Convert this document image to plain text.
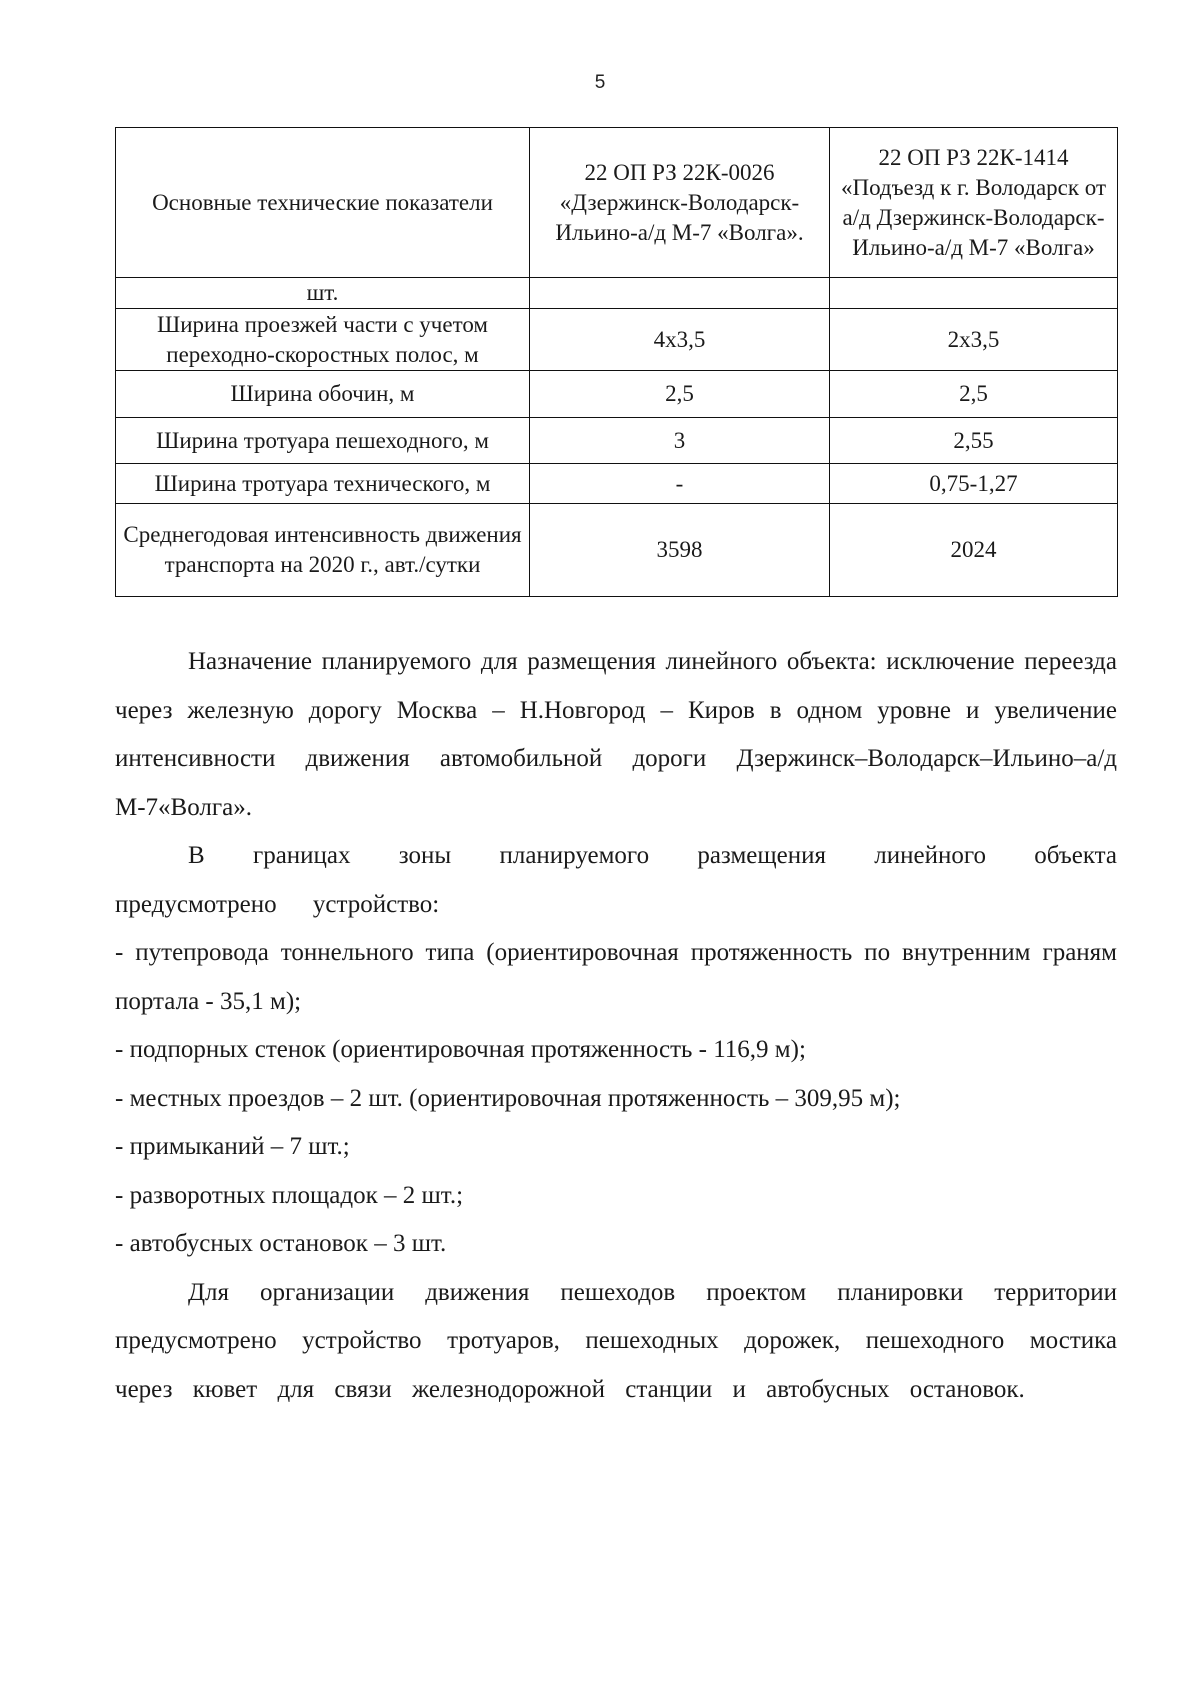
5
Основные технические показатели	22 ОП РЗ 22К-0026 «Дзержинск-Володарск-Ильино-а/д М-7 «Волга».	22 ОП РЗ 22К-1414 «Подъезд к г. Володарск от а/д Дзержинск-Володарск-Ильино-а/д М-7 «Волга»
шт.		
Ширина проезжей части с учетом переходно-скоростных полос, м	4х3,5	2х3,5
Ширина обочин, м	2,5	2,5
Ширина тротуара пешеходного, м	3	2,55
Ширина тротуара технического, м	-	0,75-1,27
Среднегодовая интенсивность движения транспорта на 2020 г., авт./сутки	3598	2024

Назначение планируемого для размещения линейного объекта: исключение переезда через железную дорогу Москва – Н.Новгород – Киров в одном уровне и увеличение интенсивности движения автомобильной дороги Дзержинск–Володарск–Ильино–а/д М-7«Волга».

В границах зоны планируемого размещения линейного объекта предусмотрено устройство:

- путепровода тоннельного типа (ориентировочная протяженность по внутренним граням портала - 35,1 м);

- подпорных стенок (ориентировочная протяженность - 116,9 м);

- местных проездов – 2 шт. (ориентировочная протяженность – 309,95 м);

- примыканий – 7 шт.;

- разворотных площадок – 2 шт.;

- автобусных остановок – 3 шт.

Для организации движения пешеходов проектом планировки территории предусмотрено устройство тротуаров, пешеходных дорожек, пешеходного мостика через кювет для связи железнодорожной станции и автобусных остановок.
